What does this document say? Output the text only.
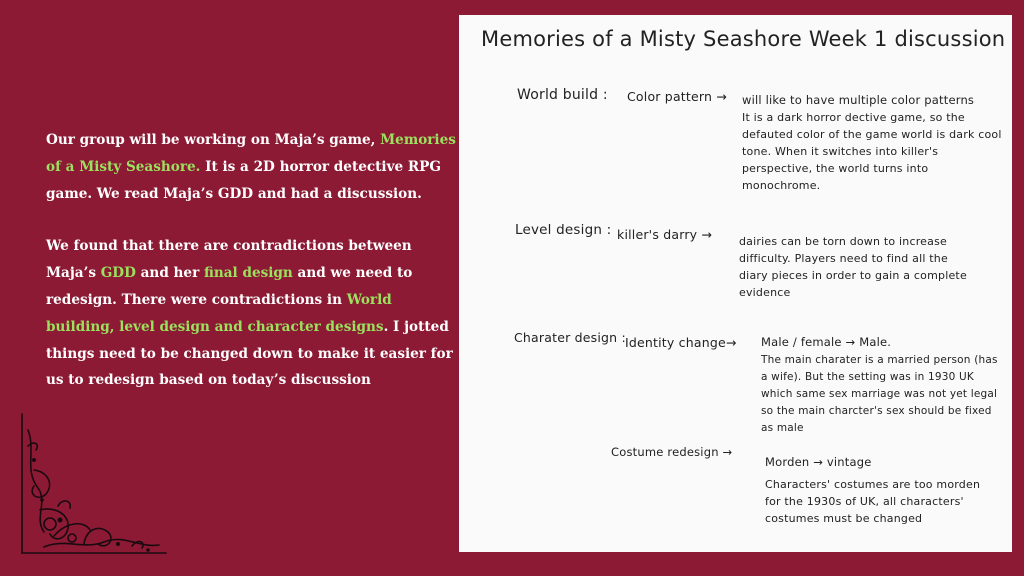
Our group will be working on Maja’s game, Memories of a Misty Seashore. It is a 2D horror detective RPG game. We read Maja’s GDD and had a discussion.

We found that there are contradictions between Maja’s GDD and her final design and we need to redesign. There were contradictions in World building, level design and character designs. I jotted things need to be changed down to make it easier for us to redesign based on today’s discussion

Memories of a Misty Seashore Week 1 discussion
World build : Color pattern → will like to have multiple color patterns
It is a dark horror dective game, so the defauted color of the game world is dark cool tone. When it switches into killer's perspective, the world turns into monochrome.
Level design : killer's darry → dairies can be torn down to increase difficulty. Players need to find all the diary pieces in order to gain a complete evidence
Charater design : Identity change→ Male / female → Male.
The main charater is a married person (has a wife). But the setting was in 1930 UK which same sex marriage was not yet legal so the main charcter's sex should be fixed as male
Costume redesign →
Morden → vintage
Characters' costumes are too morden for the 1930s of UK, all characters' costumes must be changed
